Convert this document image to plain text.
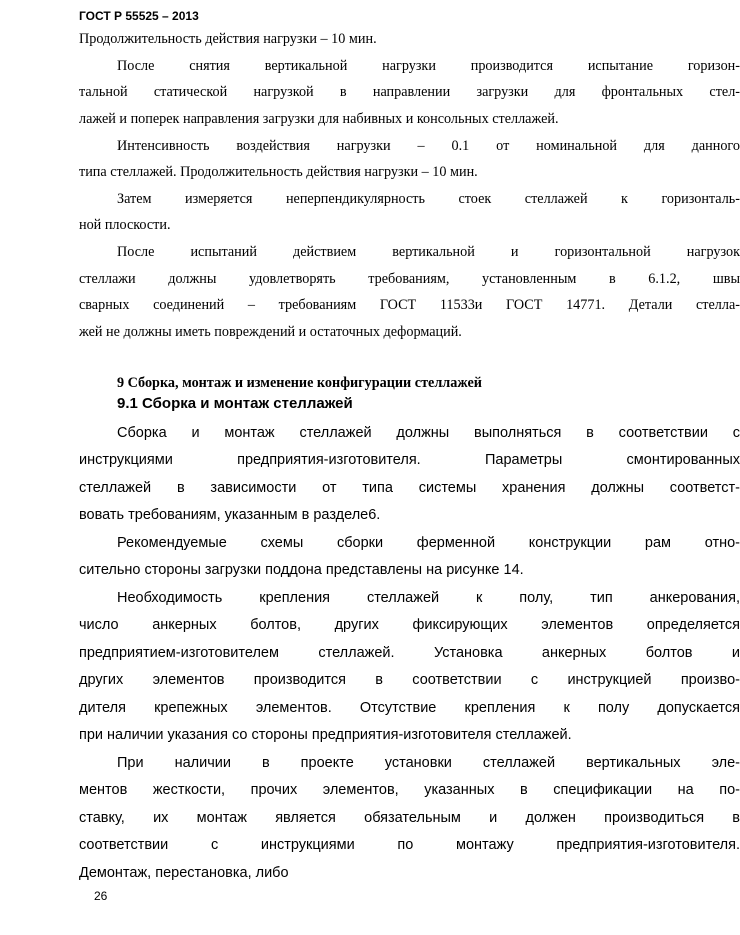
ГОСТ Р 55525 – 2013
Продолжительность действия нагрузки – 10 мин.
После снятия вертикальной нагрузки производится испытание горизон-
тальной статической нагрузкой в направлении загрузки для фронтальных стел-
лажей и поперек направления загрузки для набивных и консольных стеллажей.
Интенсивность воздействия нагрузки – 0.1 от номинальной для данного
типа стеллажей. Продолжительность действия нагрузки – 10 мин.
Затем измеряется неперпендикулярность стоек стеллажей к горизонталь-
ной плоскости.
После испытаний действием вертикальной и горизонтальной нагрузок
стеллажи должны удовлетворять требованиям, установленным в 6.1.2, швы
сварных соединений – требованиям ГОСТ 11533и ГОСТ 14771. Детали стелла-
жей не должны иметь повреждений и остаточных деформаций.
9 Сборка, монтаж и изменение конфигурации стеллажей
9.1 Сборка и монтаж стеллажей
Сборка и монтаж стеллажей должны выполняться в соответствии с
инструкциями предприятия-изготовителя. Параметры смонтированных
стеллажей в зависимости от типа системы хранения должны соответст-
вовать требованиям, указанным в разделе6.
Рекомендуемые схемы сборки ферменной конструкции рам отно-
сительно стороны загрузки поддона представлены на рисунке 14.
Необходимость крепления стеллажей к полу, тип анкерования,
число анкерных болтов, других фиксирующих элементов определяется
предприятием-изготовителем стеллажей. Установка анкерных болтов и
других элементов производится в соответствии с инструкцией произво-
дителя крепежных элементов. Отсутствие крепления к полу допускается
при наличии указания со стороны предприятия-изготовителя стеллажей.
При наличии в проекте установки стеллажей вертикальных эле-
ментов жесткости, прочих элементов, указанных в спецификации на по-
ставку, их монтаж является обязательным и должен производиться в
соответствии с инструкциями по монтажу предприятия-изготовителя.
Демонтаж, перестановка, либо
26
